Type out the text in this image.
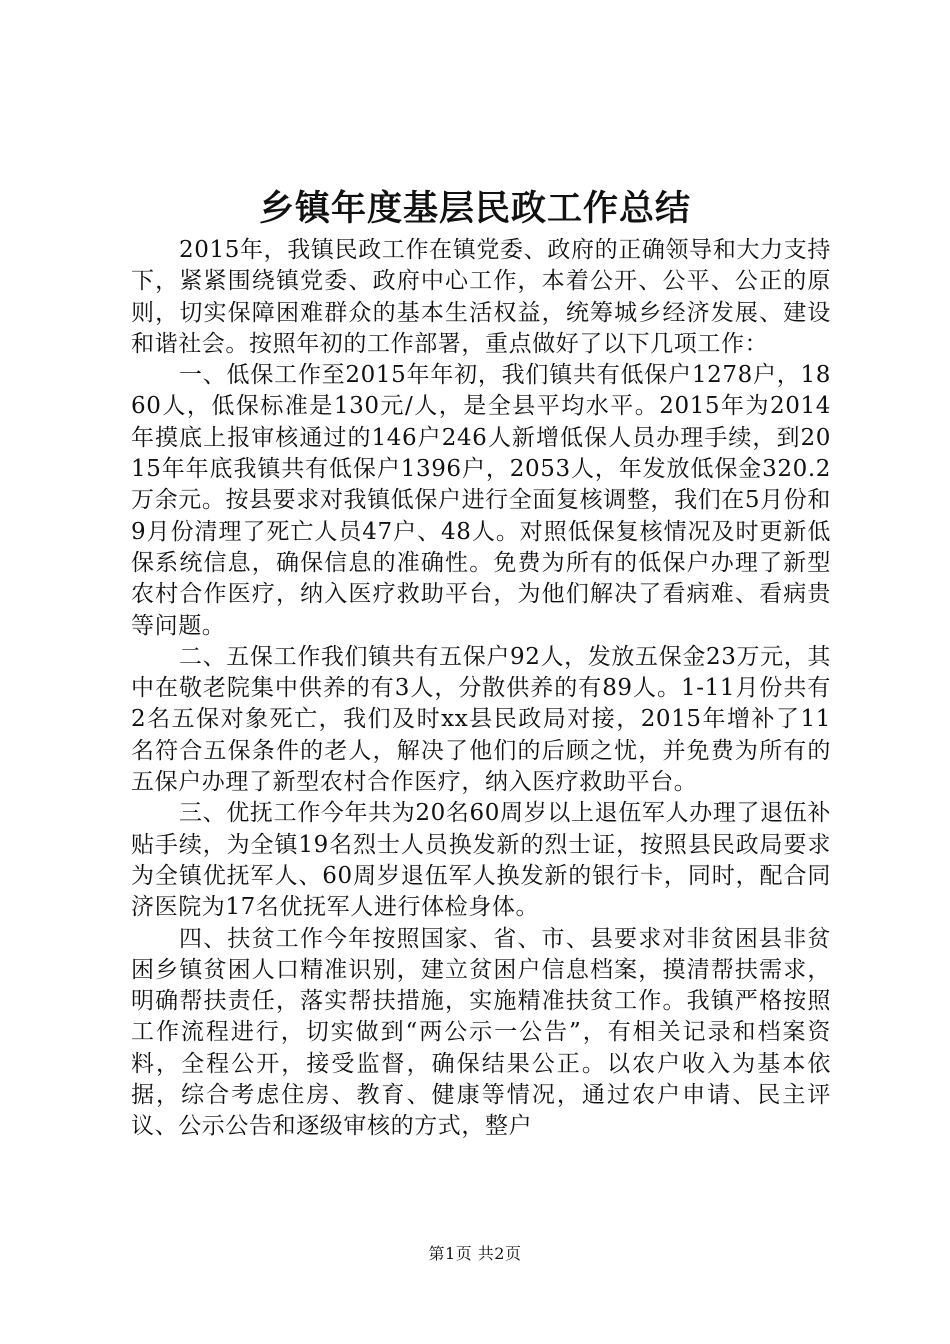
乡镇年度基层民政工作总结

2015年，我镇民政工作在镇党委、政府的正确领导和大力支持下，紧紧围绕镇党委、政府中心工作，本着公开、公平、公正的原则，切实保障困难群众的基本生活权益，统筹城乡经济发展、建设和谐社会。按照年初的工作部署，重点做好了以下几项工作：

一、低保工作至2015年年初，我们镇共有低保户1278户，1860人，低保标准是130元/人，是全县平均水平。2015年为2014年摸底上报审核通过的146户246人新增低保人员办理手续，到2015年年底我镇共有低保户1396户，2053人，年发放低保金320.2万余元。按县要求对我镇低保户进行全面复核调整，我们在5月份和9月份清理了死亡人员47户、48人。对照低保复核情况及时更新低保系统信息，确保信息的准确性。免费为所有的低保户办理了新型农村合作医疗，纳入医疗救助平台，为他们解决了看病难、看病贵等问题。

二、五保工作我们镇共有五保户92人，发放五保金23万元，其中在敬老院集中供养的有3人，分散供养的有89人。1-11月份共有2名五保对象死亡，我们及时xx县民政局对接，2015年增补了11名符合五保条件的老人，解决了他们的后顾之忧，并免费为所有的五保户办理了新型农村合作医疗，纳入医疗救助平台。

三、优抚工作今年共为20名60周岁以上退伍军人办理了退伍补贴手续，为全镇19名烈士人员换发新的烈士证，按照县民政局要求为全镇优抚军人、60周岁退伍军人换发新的银行卡，同时，配合同济医院为17名优抚军人进行体检身体。

四、扶贫工作今年按照国家、省、市、县要求对非贫困县非贫困乡镇贫困人口精准识别，建立贫困户信息档案，摸清帮扶需求，明确帮扶责任，落实帮扶措施，实施精准扶贫工作。我镇严格按照工作流程进行，切实做到“两公示一公告”，有相关记录和档案资料，全程公开，接受监督，确保结果公正。以农户收入为基本依据，综合考虑住房、教育、健康等情况，通过农户申请、民主评议、公示公告和逐级审核的方式，整户

第1页 共2页
